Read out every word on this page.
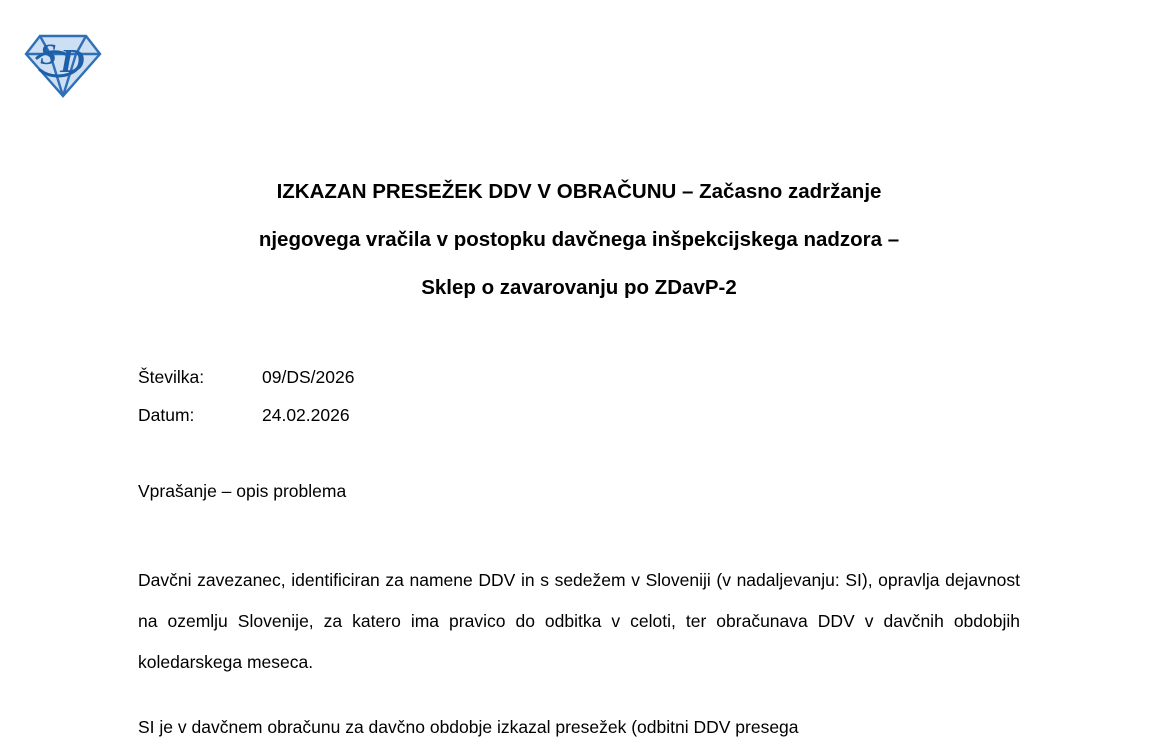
S D
IZKAZAN PRESEŽEK DDV V OBRAČUNU – Začasno zadržanje
njegovega vračila v postopku davčnega inšpekcijskega nadzora –
Sklep o zavarovanju po ZDavP-2
Številka:	09/DS/2026
Datum:	24.02.2026
Vprašanje – opis problema

Davčni zavezanec, identificiran za namene DDV in s sedežem v Sloveniji (v nadaljevanju: SI), opravlja dejavnost na ozemlju Slovenije, za katero ima pravico do odbitka v celoti, ter obračunava DDV v davčnih obdobjih koledarskega meseca.

SI je v davčnem obračunu za davčno obdobje izkazal presežek (odbitni DDV presega
